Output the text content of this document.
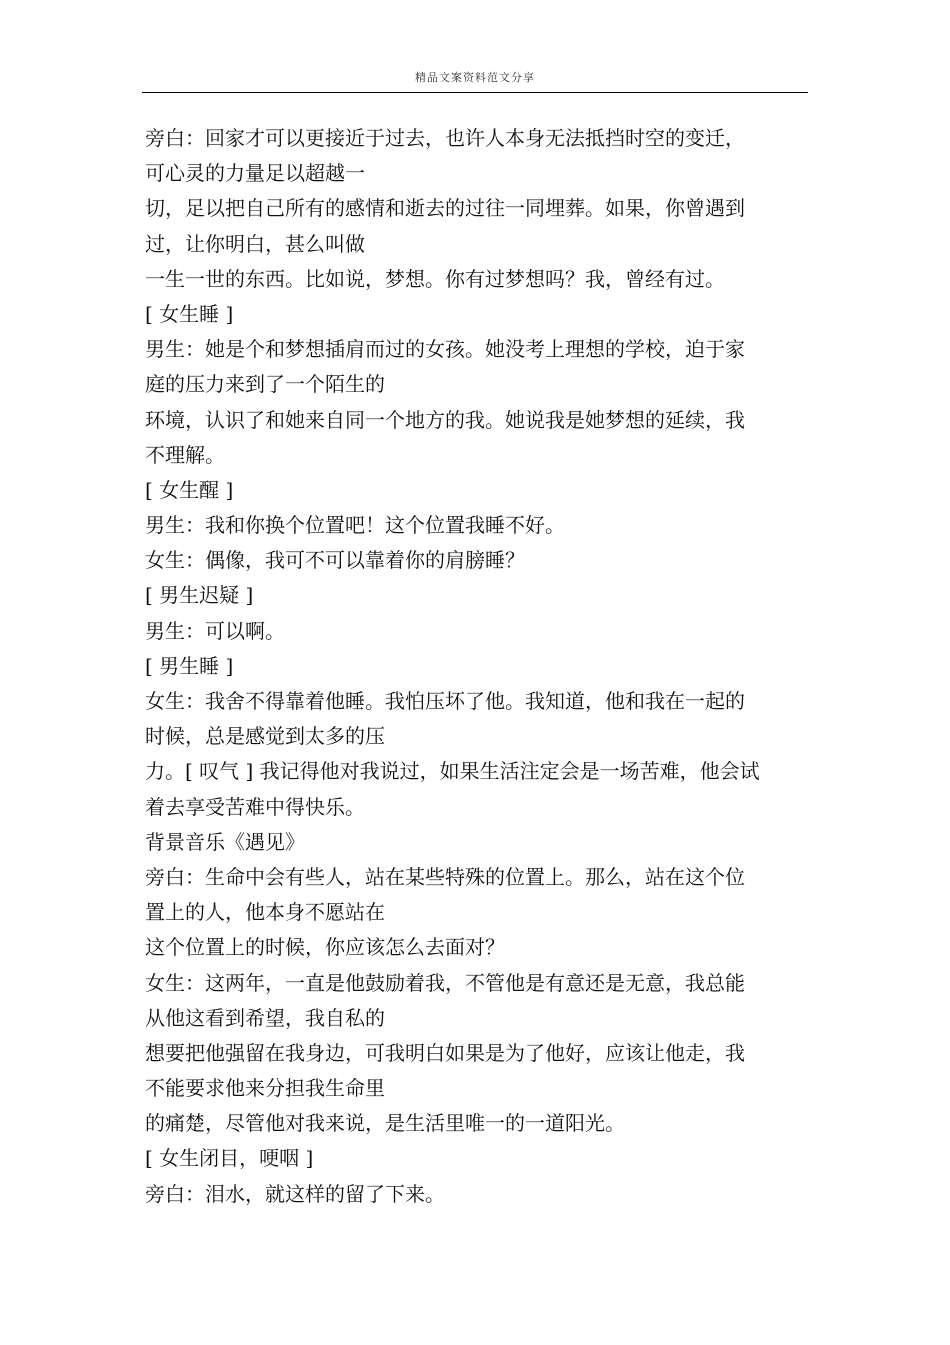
精品文案资料范文分享
旁白：回家才可以更接近于过去，也许人本身无法抵挡时空的变迁，
可心灵的力量足以超越一
切，足以把自己所有的感情和逝去的过往一同埋葬。如果，你曾遇到
过，让你明白，甚么叫做
一生一世的东西。比如说，梦想。你有过梦想吗？我，曾经有过。
[ 女生睡 ]
男生：她是个和梦想插肩而过的女孩。她没考上理想的学校，迫于家
庭的压力来到了一个陌生的
环境，认识了和她来自同一个地方的我。她说我是她梦想的延续，我
不理解。
[ 女生醒 ]
男生：我和你换个位置吧！这个位置我睡不好。
女生：偶像，我可不可以靠着你的肩膀睡？
[ 男生迟疑 ]
男生：可以啊。
[ 男生睡 ]
女生：我舍不得靠着他睡。我怕压坏了他。我知道，他和我在一起的
时候，总是感觉到太多的压
力。[ 叹气 ] 我记得他对我说过，如果生活注定会是一场苦难，他会试
着去享受苦难中得快乐。
背景音乐《遇见》
旁白：生命中会有些人，站在某些特殊的位置上。那么，站在这个位
置上的人，他本身不愿站在
这个位置上的时候，你应该怎么去面对？
女生：这两年，一直是他鼓励着我，不管他是有意还是无意，我总能
从他这看到希望，我自私的
想要把他强留在我身边，可我明白如果是为了他好，应该让他走，我
不能要求他来分担我生命里
的痛楚，尽管他对我来说，是生活里唯一的一道阳光。
[ 女生闭目，哽咽 ]
旁白：泪水，就这样的留了下来。
